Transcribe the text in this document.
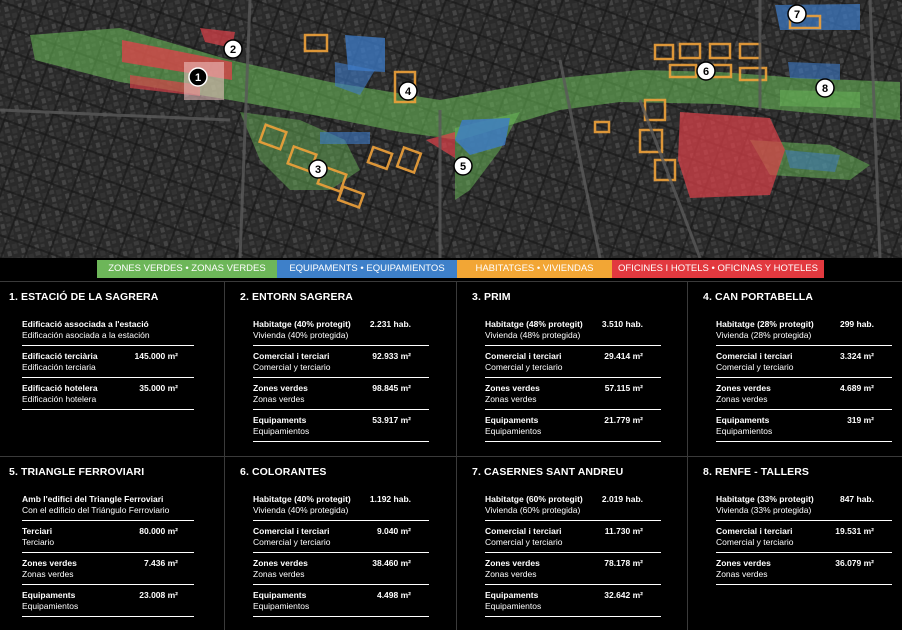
1
2
3
4
5
6
7
8
ZONES VERDES • ZONAS VERDES	EQUIPAMENTS • EQUIPAMIENTOS	HABITATGES • VIVIENDAS	OFICINES I HOTELS • OFICINAS Y HOTELES
1. ESTACIÓ DE LA SAGRERA
Edificació associada a l'estació
Edificación asociada a la estación
Edificació terciària
Edificación terciaria
145.000 m²
Edificació hotelera
Edificación hotelera
35.000 m²
2. ENTORN SAGRERA
Habitatge (40% protegit)
Vivienda (40% protegida)
2.231 hab.
Comercial i terciari
Comercial y terciario
92.933 m²
Zones verdes
Zonas verdes
98.845 m²
Equipaments
Equipamientos
53.917 m²
3. PRIM
Habitatge (48% protegit)
Vivienda (48% protegida)
3.510 hab.
Comercial i terciari
Comercial y terciario
29.414 m²
Zones verdes
Zonas verdes
57.115 m²
Equipaments
Equipamientos
21.779 m²
4. CAN PORTABELLA
Habitatge (28% protegit)
Vivienda (28% protegida)
299 hab.
Comercial i terciari
Comercial y terciario
3.324 m²
Zones verdes
Zonas verdes
4.689 m²
Equipaments
Equipamientos
319 m²
5. TRIANGLE FERROVIARI
Amb l'edifici del Triangle Ferroviari
Con el edificio del Triángulo Ferroviario
Terciari
Terciario
80.000 m²
Zones verdes
Zonas verdes
7.436 m²
Equipaments
Equipamientos
23.008 m²
6. COLORANTES
Habitatge (40% protegit)
Vivienda (40% protegida)
1.192 hab.
Comercial i terciari
Comercial y terciario
9.040 m²
Zones verdes
Zonas verdes
38.460 m²
Equipaments
Equipamientos
4.498 m²
7. CASERNES SANT ANDREU
Habitatge (60% protegit)
Vivienda (60% protegida)
2.019 hab.
Comercial i terciari
Comercial y terciario
11.730 m²
Zones verdes
Zonas verdes
78.178 m²
Equipaments
Equipamientos
32.642 m²
8. RENFE - TALLERS
Habitatge (33% protegit)
Vivienda (33% protegida)
847 hab.
Comercial i terciari
Comercial y terciario
19.531 m²
Zones verdes
Zonas verdes
36.079 m²
